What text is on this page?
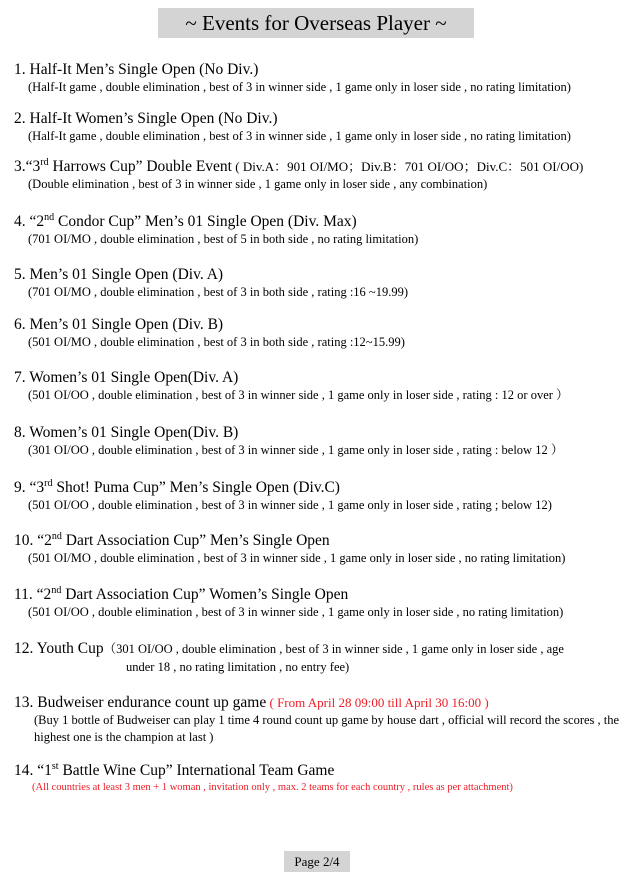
~ Events for Overseas Player ~
1. Half-It Men’s Single Open (No Div.)
(Half-It game , double elimination , best of 3 in winner side , 1 game only in loser side , no rating limitation)
2. Half-It Women’s Single Open (No Div.)
(Half-It game , double elimination , best of 3 in winner side , 1 game only in loser side , no rating limitation)
3.“3rd Harrows Cup” Double Event ( Div.A：901 OI/MO；Div.B：701 OI/OO；Div.C：501 OI/OO)
(Double elimination , best of 3 in winner side , 1 game only in loser side , any combination)
4. “2nd Condor Cup” Men’s 01 Single Open (Div. Max)
(701 OI/MO , double elimination , best of 5 in both side , no rating limitation)
5. Men’s 01 Single Open (Div. A)
(701 OI/MO , double elimination , best of 3 in both side , rating :16 ~19.99)
6. Men’s 01 Single Open (Div. B)
(501 OI/MO , double elimination , best of 3 in both side , rating :12~15.99)
7. Women’s 01 Single Open(Div. A)
(501 OI/OO , double elimination , best of 3 in winner side , 1 game only in loser side , rating : 12 or over ）
8. Women’s 01 Single Open(Div. B)
(301 OI/OO , double elimination , best of 3 in winner side , 1 game only in loser side , rating : below 12 ）
9. “3rd Shot! Puma Cup” Men’s Single Open (Div.C)
(501 OI/OO , double elimination , best of 3 in winner side , 1 game only in loser side , rating ; below 12)
10. “2nd Dart Association Cup” Men’s Single Open
(501 OI/MO , double elimination , best of 3 in winner side , 1 game only in loser side , no rating limitation)
11. “2nd Dart Association Cup” Women’s Single Open
(501 OI/OO , double elimination , best of 3 in winner side , 1 game only in loser side , no rating limitation)
12. Youth Cup（301 OI/OO , double elimination , best of 3 in winner side , 1 game only in loser side , age
under 18 , no rating limitation , no entry fee)
13. Budweiser endurance count up game ( From April 28 09:00 till April 30 16:00 )
(Buy 1 bottle of Budweiser can play 1 time 4 round count up game by house dart , official will record the scores , the highest one is the champion at last )
14. “1st Battle Wine Cup” International Team Game
(All countries at least 3 men + 1 woman , invitation only , max. 2 teams for each country , rules as per attachment)
Page 2/4
